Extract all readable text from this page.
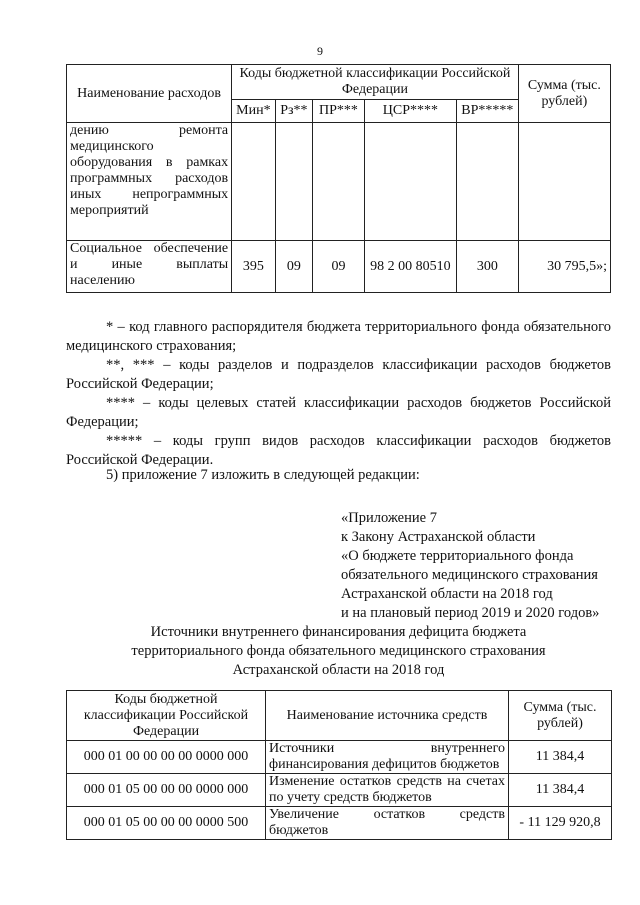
9
Наименование расходов	Коды бюджетной классификации Российской Федерации					Сумма (тыс. рублей)
	Мин*	Рз**	ПР***	ЦСР****	ВР*****	
дению ремонта медицинского оборудования в рамках программных расходов иных непрограммных мероприятий						
Социальное обеспечение и иные выплаты населению	395	09	09	98 2 00 80510	300	30 795,5»;

* – код главного распорядителя бюджета территориального фонда обязательного медицинского страхования;

**, *** – коды разделов и подразделов классификации расходов бюджетов Российской Федерации;

**** – коды целевых статей классификации расходов бюджетов Российской Федерации;

***** – коды групп видов расходов классификации расходов бюджетов Российской Федерации.

5) приложение 7 изложить в следующей редакции:
«Приложение 7
к Закону Астраханской области
«О бюджете территориального фонда
обязательного медицинского страхования
Астраханской области на 2018 год
и на плановый период 2019 и 2020 годов»
Источники внутреннего финансирования дефицита бюджета
территориального фонда обязательного медицинского страхования
Астраханской области на 2018 год
Коды бюджетной классификации Российской Федерации	Наименование источника средств	Сумма (тыс. рублей)
000 01 00 00 00 00 0000 000	Источники внутреннего финансирования дефицитов бюджетов	11 384,4
000 01 05 00 00 00 0000 000	Изменение остатков средств на счетах по учету средств бюджетов	11 384,4
000 01 05 00 00 00 0000 500	Увеличение остатков средств бюджетов	- 11 129 920,8
